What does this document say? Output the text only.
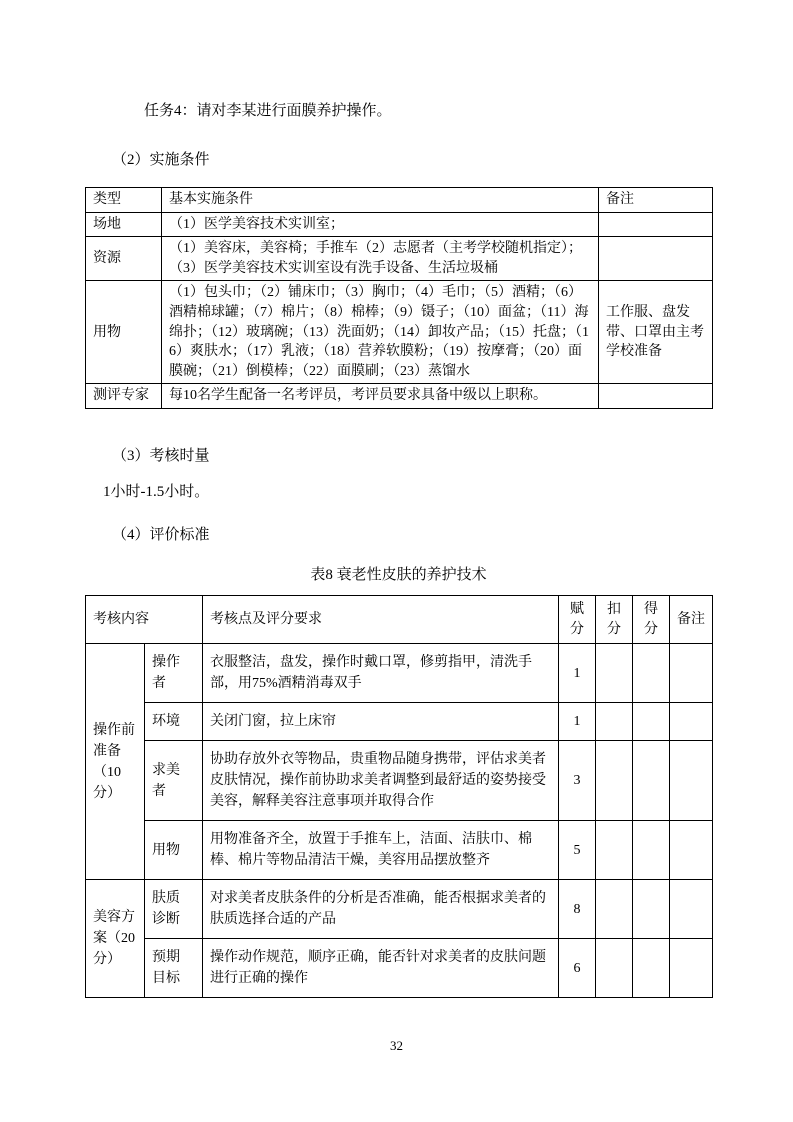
任务4：请对李某进行面膜养护操作。

（2）实施条件

类型	基本实施条件	备注
场地	（1）医学美容技术实训室；	
资源	（1）美容床，美容椅；手推车（2）志愿者（主考学校随机指定）；（3）医学美容技术实训室设有洗手设备、生活垃圾桶	
用物	（1）包头巾；（2）铺床巾；（3）胸巾；（4）毛巾；（5）酒精；（6）酒精棉球罐；（7）棉片；（8）棉棒；（9）镊子；（10）面盆；（11）海绵扑；（12）玻璃碗；（13）洗面奶；（14）卸妆产品；（15）托盘；（16）爽肤水；（17）乳液；（18）营养软膜粉；（19）按摩膏；（20）面膜碗；（21）倒模棒；（22）面膜刷；（23）蒸馏水	工作服、盘发带、口罩由主考学校准备
测评专家	每10名学生配备一名考评员，考评员要求具备中级以上职称。	

（3）考核时量

1小时-1.5小时。

（4）评价标准

表8 衰老性皮肤的养护技术

考核内容		考核点及评分要求	赋分	扣分	得分	备注
操作前准备（10分）	操作者	衣服整洁，盘发，操作时戴口罩，修剪指甲，清洗手部，用75%酒精消毒双手	1			
	环境	关闭门窗，拉上床帘	1			
	求美者	协助存放外衣等物品，贵重物品随身携带，评估求美者皮肤情况，操作前协助求美者调整到最舒适的姿势接受美容，解释美容注意事项并取得合作	3			
	用物	用物准备齐全，放置于手推车上，洁面、洁肤巾、棉棒、棉片等物品清洁干燥，美容用品摆放整齐	5			
美容方案（20分）	肤质诊断	对求美者皮肤条件的分析是否准确，能否根据求美者的肤质选择合适的产品	8			
	预期目标	操作动作规范，顺序正确，能否针对求美者的皮肤问题进行正确的操作	6			
32
